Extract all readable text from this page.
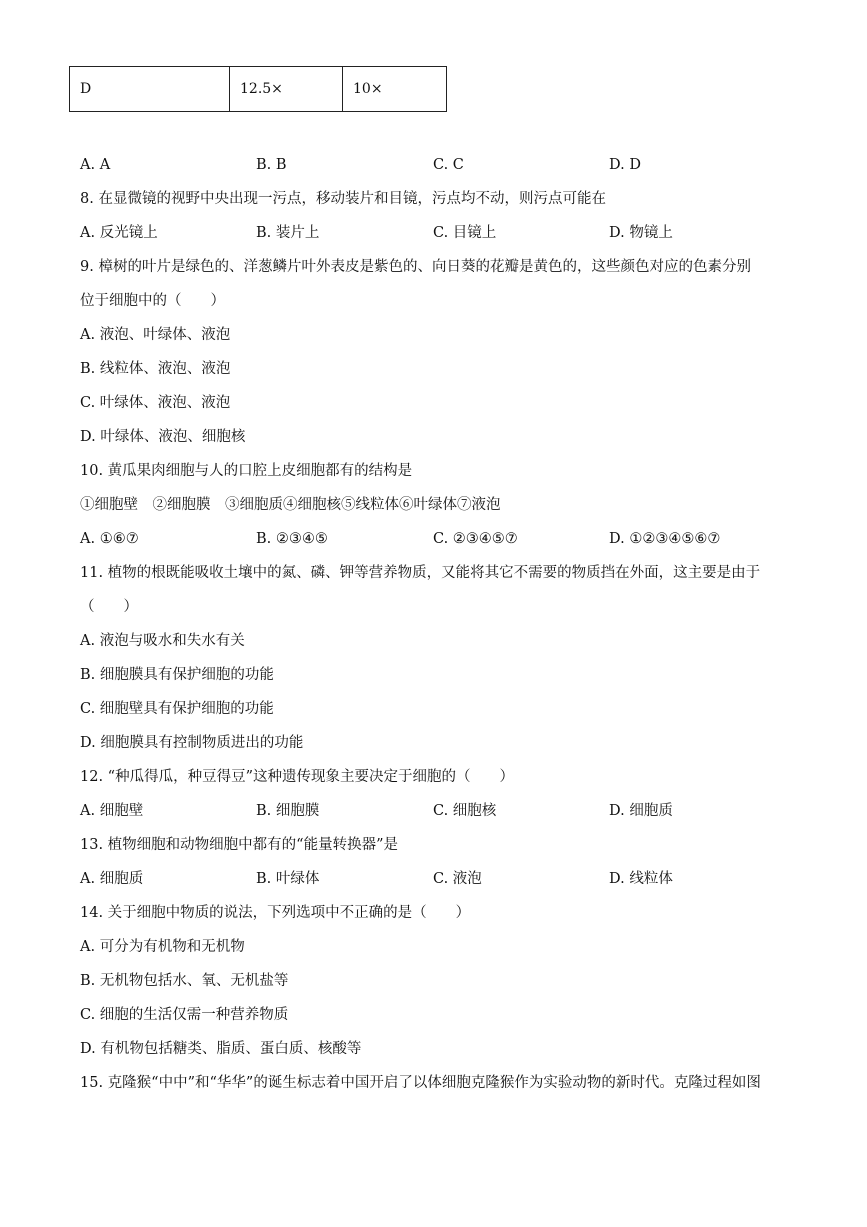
D	12.5×	10×
A. A	B. B	C. C	D. D
8. 在显微镜的视野中央出现一污点，移动装片和目镜，污点均不动，则污点可能在
A. 反光镜上	B. 装片上	C. 目镜上	D. 物镜上
9. 樟树的叶片是绿色的、洋葱鳞片叶外表皮是紫色的、向日葵的花瓣是黄色的，这些颜色对应的色素分别
位于细胞中的（　　）
A. 液泡、叶绿体、液泡
B. 线粒体、液泡、液泡
C. 叶绿体、液泡、液泡
D. 叶绿体、液泡、细胞核
10. 黄瓜果肉细胞与人的口腔上皮细胞都有的结构是
①细胞壁　②细胞膜　③细胞质④细胞核⑤线粒体⑥叶绿体⑦液泡
A. ①⑥⑦	B. ②③④⑤	C. ②③④⑤⑦	D. ①②③④⑤⑥⑦
11. 植物的根既能吸收土壤中的氮、磷、钾等营养物质，又能将其它不需要的物质挡在外面，这主要是由于
（　　）
A. 液泡与吸水和失水有关
B. 细胞膜具有保护细胞的功能
C. 细胞壁具有保护细胞的功能
D. 细胞膜具有控制物质进出的功能
12. “种瓜得瓜，种豆得豆”这种遗传现象主要决定于细胞的（　　）
A. 细胞壁	B. 细胞膜	C. 细胞核	D. 细胞质
13. 植物细胞和动物细胞中都有的“能量转换器”是
A. 细胞质	B. 叶绿体	C. 液泡	D. 线粒体
14. 关于细胞中物质的说法，下列选项中不正确的是（　　）
A. 可分为有机物和无机物
B. 无机物包括水、氧、无机盐等
C. 细胞的生活仅需一种营养物质
D. 有机物包括糖类、脂质、蛋白质、核酸等
15. 克隆猴“中中”和“华华”的诞生标志着中国开启了以体细胞克隆猴作为实验动物的新时代。克隆过程如图
